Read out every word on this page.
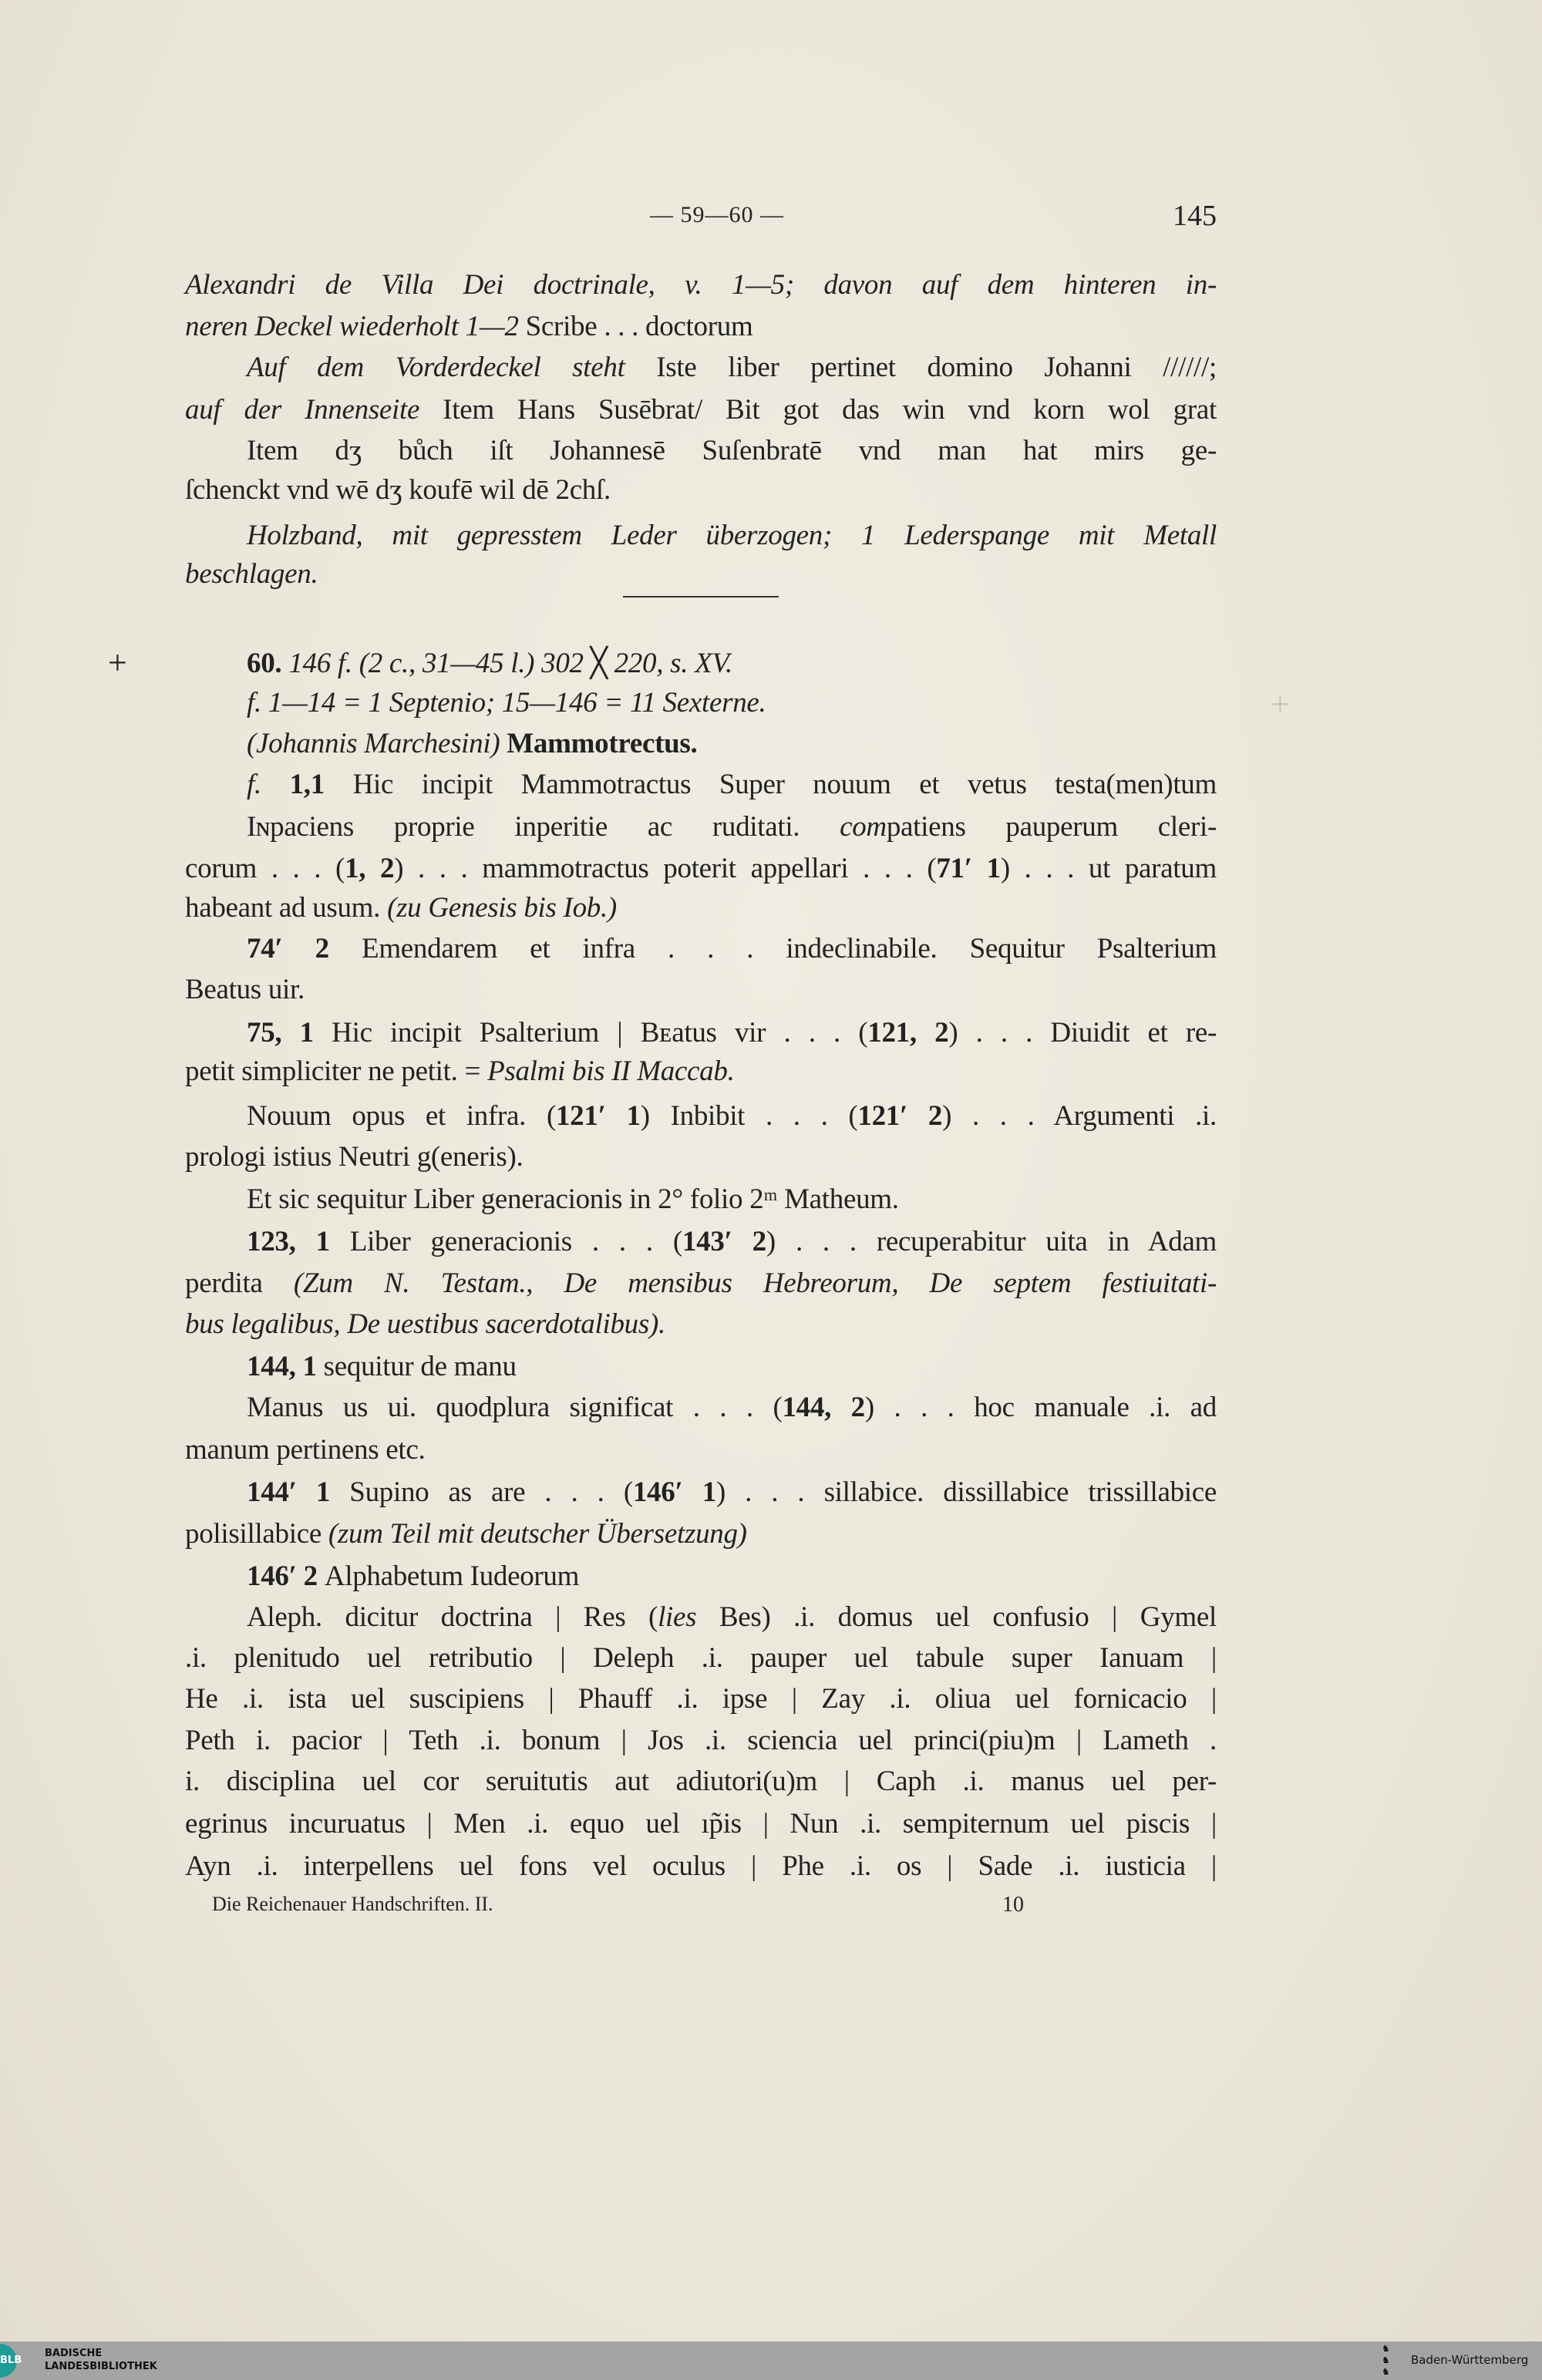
— 59—60 —	145
Alexandri de Villa Dei doctrinale, v. 1—5; davon auf dem hinteren in-
neren Deckel wiederholt 1—2 Scribe . . . doctorum
Auf dem Vorderdeckel steht Iste liber pertinet domino Johanni //////;
auf der Innenseite Item Hans Susēbrat/ Bit got das win vnd korn wol grat
Item dʒ bůch iſt Johannesē Suſenbratē vnd man hat mirs ge-
ſchenckt vnd wē dʒ koufē wil dē 2chſ.
Holzband, mit gepresstem Leder überzogen; 1 Lederspange mit Metall
beschlagen.
60. 146 f. (2 c., 31—45 l.) 302 ╳ 220, s. XV.
f. 1—14 = 1 Septenio; 15—146 = 11 Sexterne.
(Johannis Marchesini) Mammotrectus.
f. 1,1 Hic incipit Mammotractus Super nouum et vetus testa(men)tum
Iɴpaciens proprie inperitie ac ruditati. compatiens pauperum cleri-
corum . . . (1, 2) . . . mammotractus poterit appellari . . . (71′ 1) . . . ut paratum
habeant ad usum. (zu Genesis bis Iob.)
74′ 2 Emendarem et infra . . . indeclinabile. Sequitur Psalterium
Beatus uir.
75, 1 Hic incipit Psalterium | Bᴇatus vir . . . (121, 2) . . . Diuidit et re-
petit simpliciter ne petit. = Psalmi bis II Maccab.
Nouum opus et infra. (121′ 1) Inbibit . . . (121′ 2) . . . Argumenti .i.
prologi istius Neutri g(eneris).
Et sic sequitur Liber generacionis in 2° folio 2ᵐ Matheum.
123, 1 Liber generacionis . . . (143′ 2) . . . recuperabitur uita in Adam
perdita (Zum N. Testam., De mensibus Hebreorum, De septem festiuitati-
bus legalibus, De uestibus sacerdotalibus).
144, 1 sequitur de manu
Manus us ui. quodplura significat . . . (144, 2) . . . hoc manuale .i. ad
manum pertinens etc.
144′ 1 Supino as are . . . (146′ 1) . . . sillabice. dissillabice trissillabice
polisillabice (zum Teil mit deutscher Übersetzung)
146′ 2 Alphabetum Iudeorum
Aleph. dicitur doctrina | Res (lies Bes) .i. domus uel confusio | Gymel
.i. plenitudo uel retributio | Deleph .i. pauper uel tabule super Ianuam |
He .i. ista uel suscipiens | Phauff .i. ipse | Zay .i. oliua uel fornicacio |
Peth i. pacior | Teth .i. bonum | Jos .i. sciencia uel princi(piu)m | Lameth .
i. disciplina uel cor seruitutis aut adiutori(u)m | Caph .i. manus uel per-
egrinus incuruatus | Men .i. equo uel ıp̃is | Nun .i. sempiternum uel piscis |
Ayn .i. interpellens uel fons vel oculus | Phe .i. os | Sade .i. iusticia |
+
+
Die Reichenauer Handschriften. II.	10
BLB
BADISCHE
LANDESBIBLIOTHEK
♞
♞
♞
Baden-Württemberg
